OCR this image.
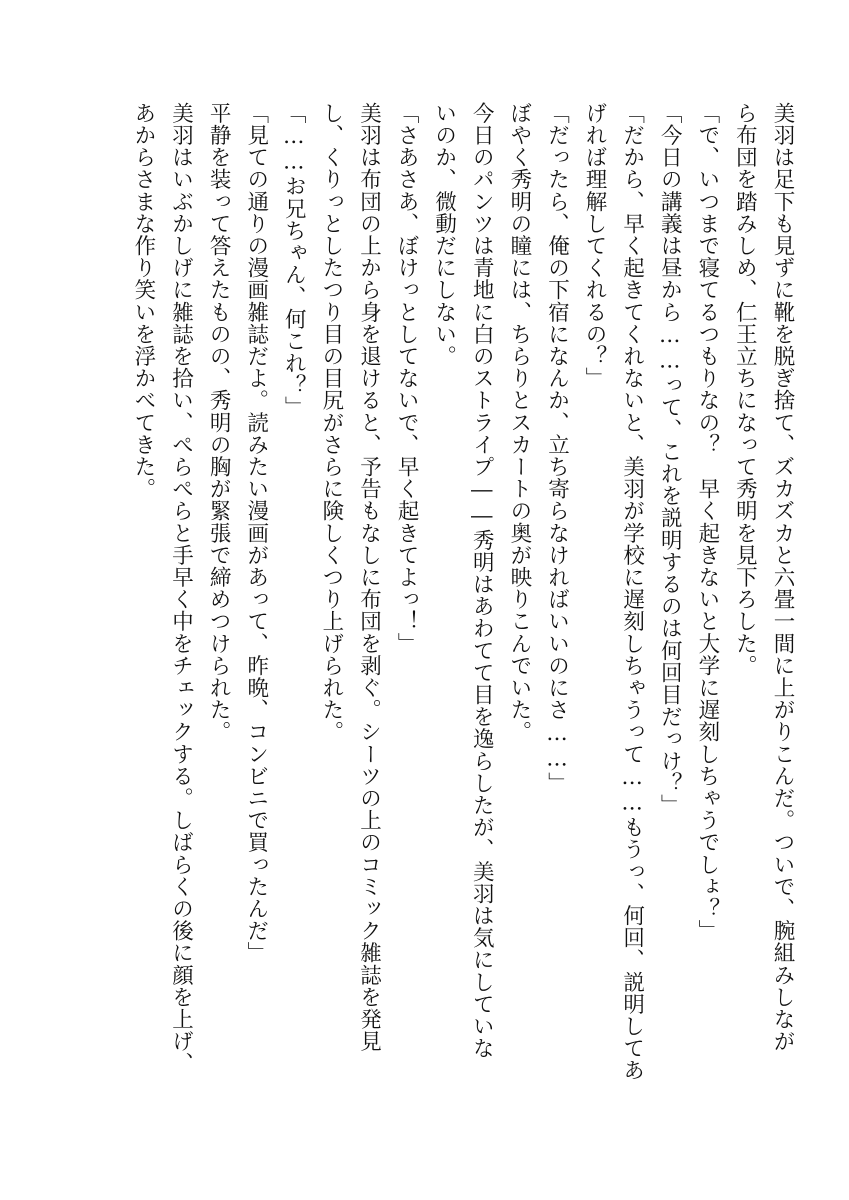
美羽は足下も見ずに靴を脱ぎ捨て、ズカズカと六畳一間に上がりこんだ。ついで、腕組みしなが
ら布団を踏みしめ、仁王立ちになって秀明を見下ろした。
「で、いつまで寝てるつもりなの？　早く起きないと大学に遅刻しちゃうでしょ？」
「今日の講義は昼から……って、これを説明するのは何回目だっけ？」
「だから、早く起きてくれないと、美羽が学校に遅刻しちゃうって……もうっ、何回、説明してあ
げれば理解してくれるの？」
「だったら、俺の下宿になんか、立ち寄らなければいいのにさ……」
ぼやく秀明の瞳には、ちらりとスカートの奥が映りこんでいた。
今日のパンツは青地に白のストライプ――秀明はあわてて目を逸らしたが、美羽は気にしていな
いのか、微動だにしない。
「さあさあ、ぼけっとしてないで、早く起きてよっ！」
美羽は布団の上から身を退けると、予告もなしに布団を剥ぐ。シーツの上のコミック雑誌を発見
し、くりっとしたつり目の目尻がさらに険しくつり上げられた。
「……お兄ちゃん、何これ？」
「見ての通りの漫画雑誌だよ。読みたい漫画があって、昨晩、コンビニで買ったんだ」
平静を装って答えたものの、秀明の胸が緊張で締めつけられた。
美羽はいぶかしげに雑誌を拾い、ぺらぺらと手早く中をチェックする。しばらくの後に顔を上げ、
あからさまな作り笑いを浮かべてきた。
